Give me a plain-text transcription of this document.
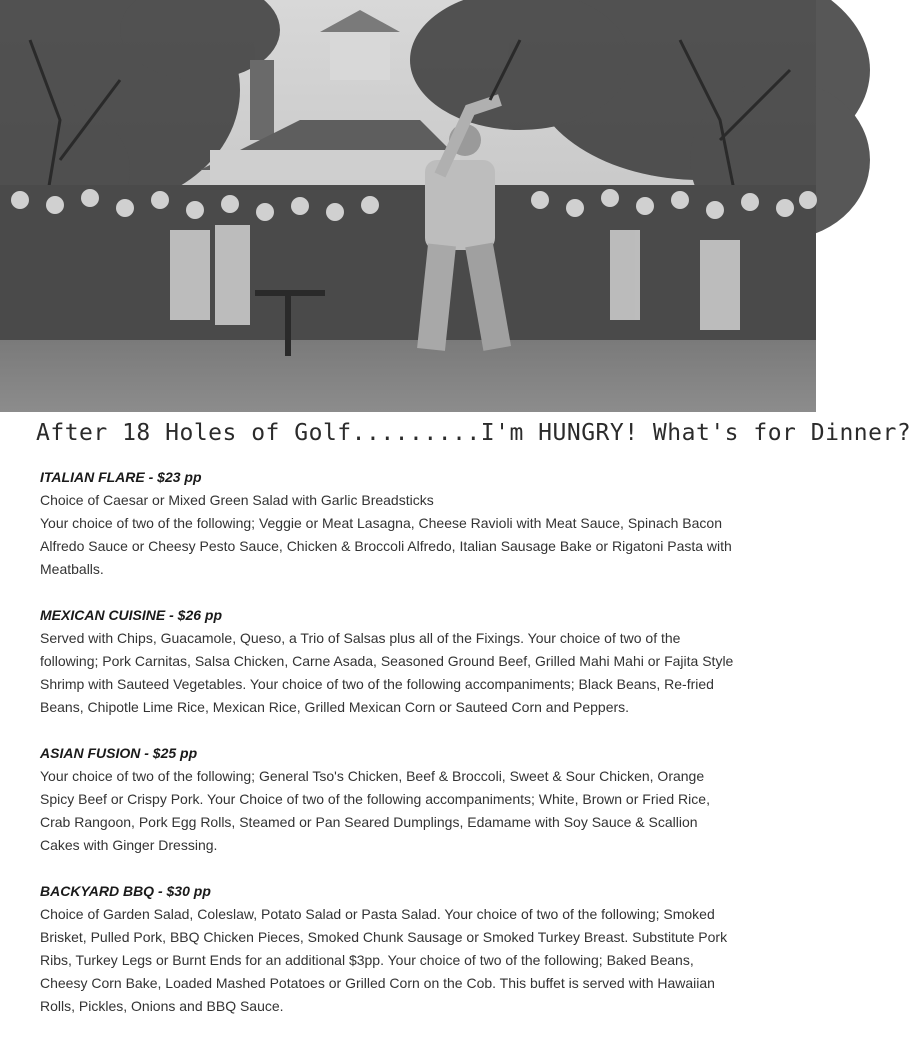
After 18 Holes of Golf.........I'm HUNGRY! What's for Dinner?

ITALIAN FLARE - $23 pp

Choice of Caesar or Mixed Green Salad with Garlic Breadsticks

Your choice of two of the following; Veggie or Meat Lasagna, Cheese Ravioli with Meat Sauce, Spinach Bacon Alfredo Sauce or Cheesy Pesto Sauce, Chicken & Broccoli Alfredo, Italian Sausage Bake or Rigatoni Pasta with Meatballs.

MEXICAN CUISINE - $26 pp

Served with Chips, Guacamole, Queso, a Trio of Salsas plus all of the Fixings. Your choice of two of the following; Pork Carnitas, Salsa Chicken, Carne Asada, Seasoned Ground Beef, Grilled Mahi Mahi or Fajita Style Shrimp with Sauteed Vegetables. Your choice of two of the following accompaniments; Black Beans, Re-fried Beans, Chipotle Lime Rice, Mexican Rice, Grilled Mexican Corn or Sauteed Corn and Peppers.

ASIAN FUSION - $25 pp

Your choice of two of the following; General Tso's Chicken, Beef & Broccoli, Sweet & Sour Chicken, Orange Spicy Beef or Crispy Pork. Your Choice of two of the following accompaniments; White, Brown or Fried Rice, Crab Rangoon, Pork Egg Rolls, Steamed or Pan Seared Dumplings, Edamame with Soy Sauce & Scallion Cakes with Ginger Dressing.

BACKYARD BBQ - $30 pp

Choice of Garden Salad, Coleslaw, Potato Salad or Pasta Salad. Your choice of two of the following; Smoked Brisket, Pulled Pork, BBQ Chicken Pieces, Smoked Chunk Sausage or Smoked Turkey Breast. Substitute Pork Ribs, Turkey Legs or Burnt Ends for an additional $3pp. Your choice of two of the following; Baked Beans, Cheesy Corn Bake, Loaded Mashed Potatoes or Grilled Corn on the Cob. This buffet is served with Hawaiian Rolls, Pickles, Onions and BBQ Sauce.
